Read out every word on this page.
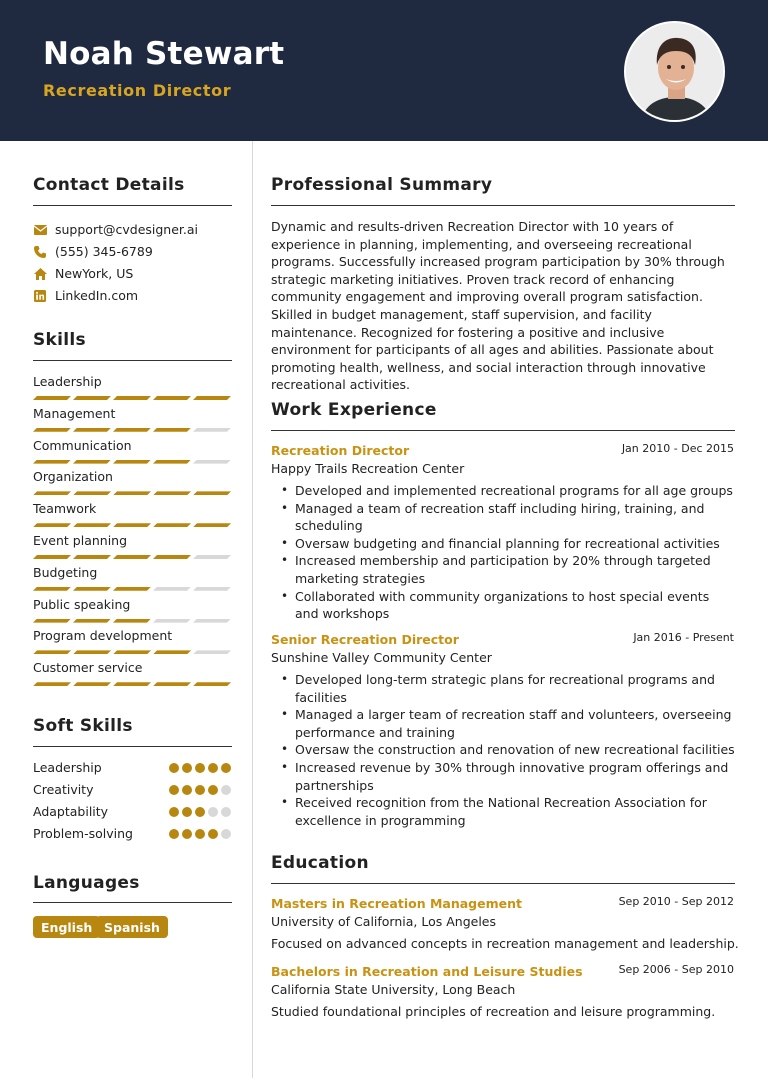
Noah Stewart
Recreation Director
Contact Details
support@cvdesigner.ai
(555) 345-6789
NewYork, US
LinkedIn.com
Skills
Leadership
Management
Communication
Organization
Teamwork
Event planning
Budgeting
Public speaking
Program development
Customer service
Soft Skills
Leadership
Creativity
Adaptability
Problem-solving
Languages
English Spanish
Professional Summary
Dynamic and results-driven Recreation Director with 10 years of experience in planning, implementing, and overseeing recreational programs. Successfully increased program participation by 30% through strategic marketing initiatives. Proven track record of enhancing community engagement and improving overall program satisfaction. Skilled in budget management, staff supervision, and facility maintenance. Recognized for fostering a positive and inclusive environment for participants of all ages and abilities. Passionate about promoting health, wellness, and social interaction through innovative recreational activities.
Work Experience
Recreation Director	Jan 2010 - Dec 2015
Happy Trails Recreation Center
• Developed and implemented recreational programs for all age groups
• Managed a team of recreation staff including hiring, training, and scheduling
• Oversaw budgeting and financial planning for recreational activities
• Increased membership and participation by 20% through targeted marketing strategies
• Collaborated with community organizations to host special events and workshops
Senior Recreation Director	Jan 2016 - Present
Sunshine Valley Community Center
• Developed long-term strategic plans for recreational programs and facilities
• Managed a larger team of recreation staff and volunteers, overseeing performance and training
• Oversaw the construction and renovation of new recreational facilities
• Increased revenue by 30% through innovative program offerings and partnerships
• Received recognition from the National Recreation Association for excellence in programming
Education
Masters in Recreation Management	Sep 2010 - Sep 2012
University of California, Los Angeles
Focused on advanced concepts in recreation management and leadership.
Bachelors in Recreation and Leisure Studies	Sep 2006 - Sep 2010
California State University, Long Beach
Studied foundational principles of recreation and leisure programming.
